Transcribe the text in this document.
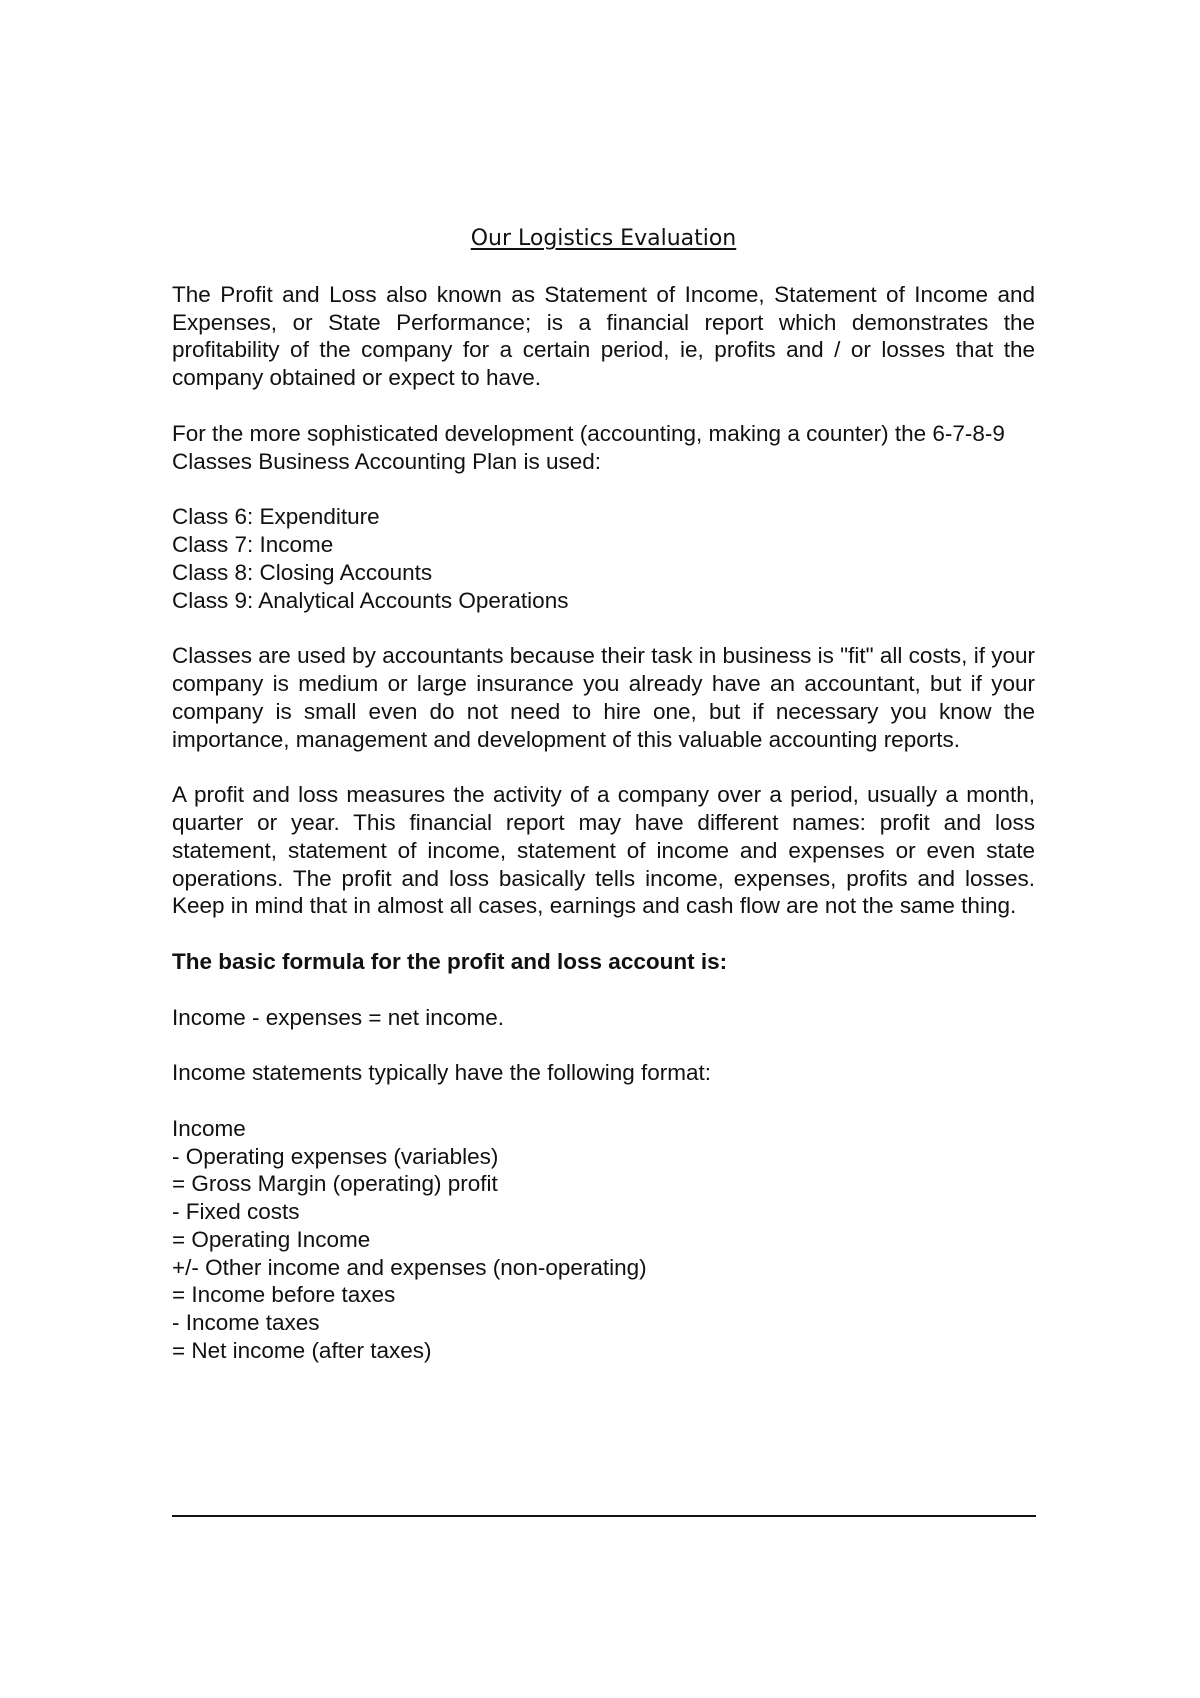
Our Logistics Evaluation

The Profit and Loss also known as Statement of Income, Statement of Income and Expenses, or State Performance; is a financial report which demonstrates the profitability of the company for a certain period, ie, profits and / or losses that the company obtained or expect to have.

For the more sophisticated development (accounting, making a counter) the 6-7-8-9 Classes Business Accounting Plan is used:

Class 6: Expenditure
Class 7: Income
Class 8: Closing Accounts
Class 9: Analytical Accounts Operations

Classes are used by accountants because their task in business is "fit" all costs, if your company is medium or large insurance you already have an accountant, but if your company is small even do not need to hire one, but if necessary you know the importance, management and development of this valuable accounting reports.

A profit and loss measures the activity of a company over a period, usually a month, quarter or year. This financial report may have different names: profit and loss statement, statement of income, statement of income and expenses or even state operations. The profit and loss basically tells income, expenses, profits and losses. Keep in mind that in almost all cases, earnings and cash flow are not the same thing.

The basic formula for the profit and loss account is:

Income - expenses = net income.

Income statements typically have the following format:

Income
- Operating expenses (variables)
= Gross Margin (operating) profit
- Fixed costs
= Operating Income
+/- Other income and expenses (non-operating)
= Income before taxes
- Income taxes
= Net income (after taxes)
